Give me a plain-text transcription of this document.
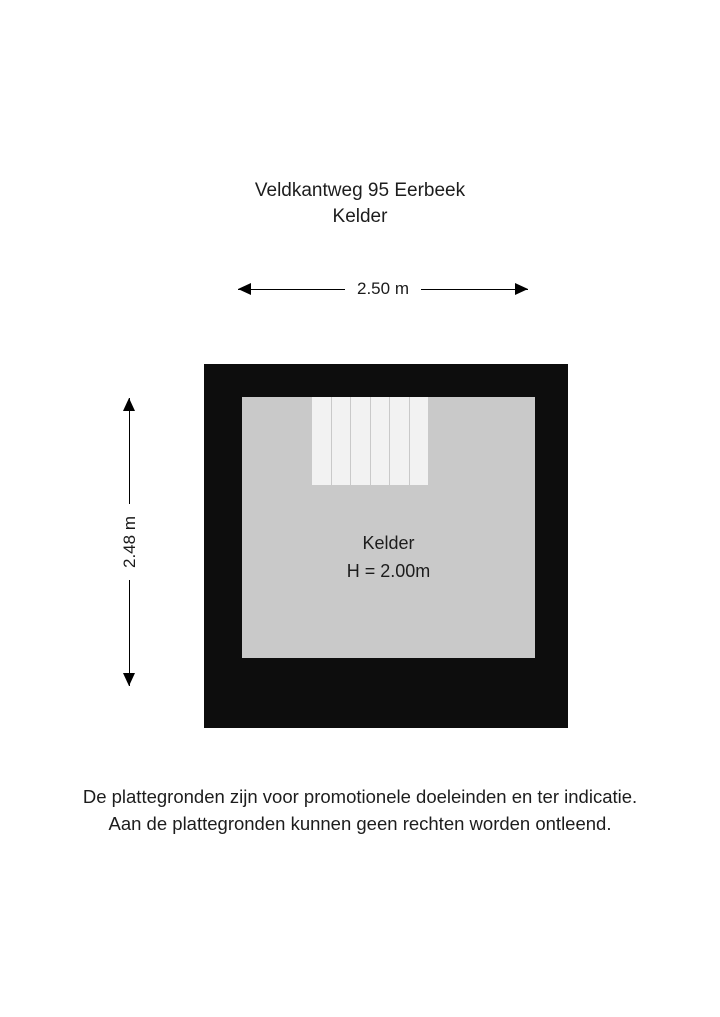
Veldkantweg 95 Eerbeek
Kelder
2.50 m
2.48 m	Kelder
H = 2.00m
De plattegronden zijn voor promotionele doeleinden en ter indicatie.
Aan de plattegronden kunnen geen rechten worden ontleend.
